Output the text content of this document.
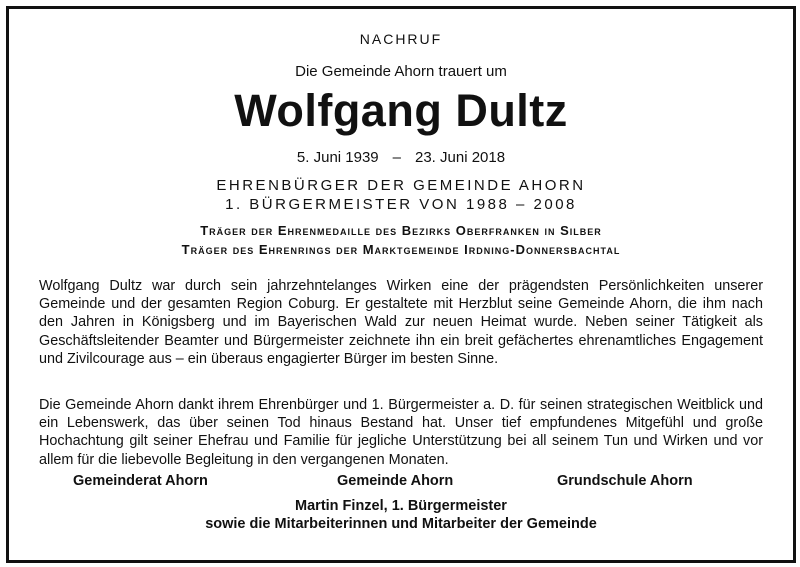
NACHRUF
Die Gemeinde Ahorn trauert um
Wolfgang Dultz
5. Juni 1939 – 23. Juni 2018
EHRENBÜRGER DER GEMEINDE AHORN
1. BÜRGERMEISTER VON 1988 – 2008
Träger der Ehrenmedaille des Bezirks Oberfranken in Silber
Träger des Ehrenrings der Marktgemeinde Irdning-Donnersbachtal
Wolfgang Dultz war durch sein jahrzehntelanges Wirken eine der prägendsten Persönlichkeiten unserer Gemeinde und der gesamten Region Coburg. Er gestaltete mit Herzblut seine Gemeinde Ahorn, die ihm nach den Jahren in Königsberg und im Bayerischen Wald zur neuen Heimat wurde. Neben seiner Tätigkeit als Geschäftsleitender Beamter und Bürgermeister zeichnete ihn ein breit gefächertes ehrenamtliches Engagement und Zivilcourage aus – ein überaus engagierter Bürger im besten Sinne.
Die Gemeinde Ahorn dankt ihrem Ehrenbürger und 1. Bürgermeister a. D. für seinen strategischen Weitblick und ein Lebenswerk, das über seinen Tod hinaus Bestand hat. Unser tief empfundenes Mitgefühl und große Hochachtung gilt seiner Ehefrau und Familie für jegliche Unterstützung bei all seinem Tun und Wirken und vor allem für die liebevolle Begleitung in den vergangenen Monaten.
Gemeinderat Ahorn	Gemeinde Ahorn	Grundschule Ahorn
Martin Finzel, 1. Bürgermeister
sowie die Mitarbeiterinnen und Mitarbeiter der Gemeinde
